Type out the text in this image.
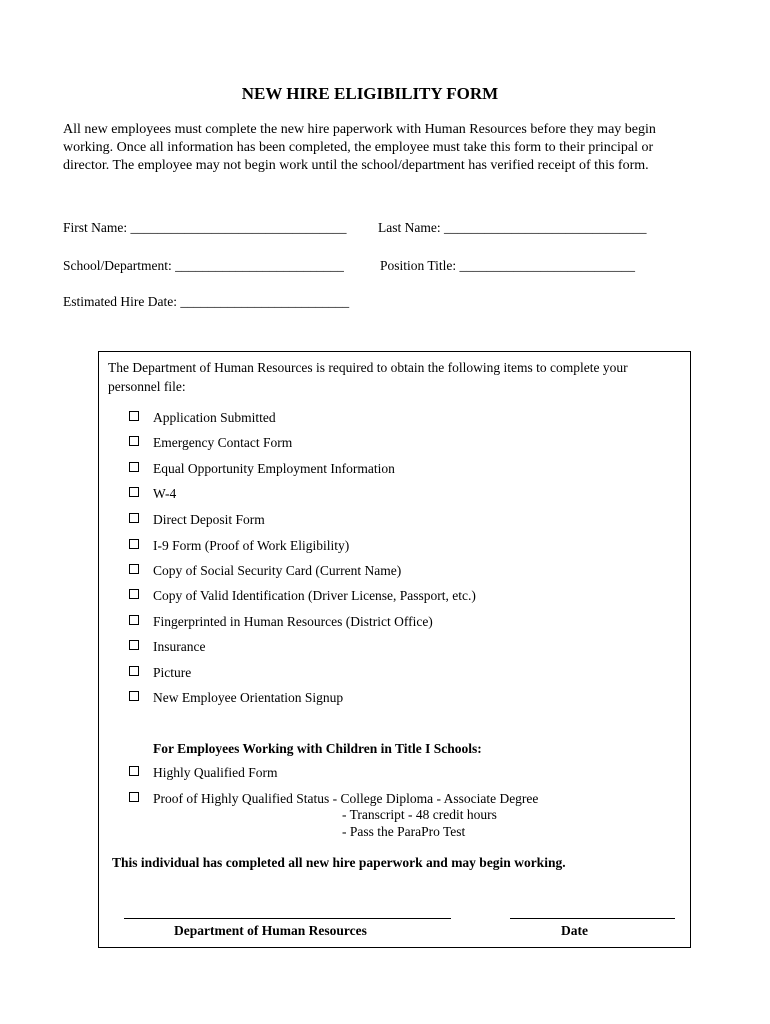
NEW HIRE ELIGIBILITY FORM
All new employees must complete the new hire paperwork with Human Resources before they may begin working. Once all information has been completed, the employee must take this form to their principal or director. The employee may not begin work until the school/department has verified receipt of this form.
First Name: ________________________________ Last Name: ______________________________
School/Department: _________________________	Position Title: __________________________
Estimated Hire Date: _________________________
The Department of Human Resources is required to obtain the following items to complete your personnel file:
Application Submitted
Emergency Contact Form
Equal Opportunity Employment Information
W-4
Direct Deposit Form
I-9 Form (Proof of Work Eligibility)
Copy of Social Security Card (Current Name)
Copy of Valid Identification (Driver License, Passport, etc.)
Fingerprinted in Human Resources (District Office)
Insurance
Picture
New Employee Orientation Signup
For Employees Working with Children in Title I Schools:
Highly Qualified Form
Proof of Highly Qualified Status - College Diploma - Associate Degree
- Transcript - 48 credit hours
- Pass the ParaPro Test
This individual has completed all new hire paperwork and may begin working.
Department of Human Resources	Date
